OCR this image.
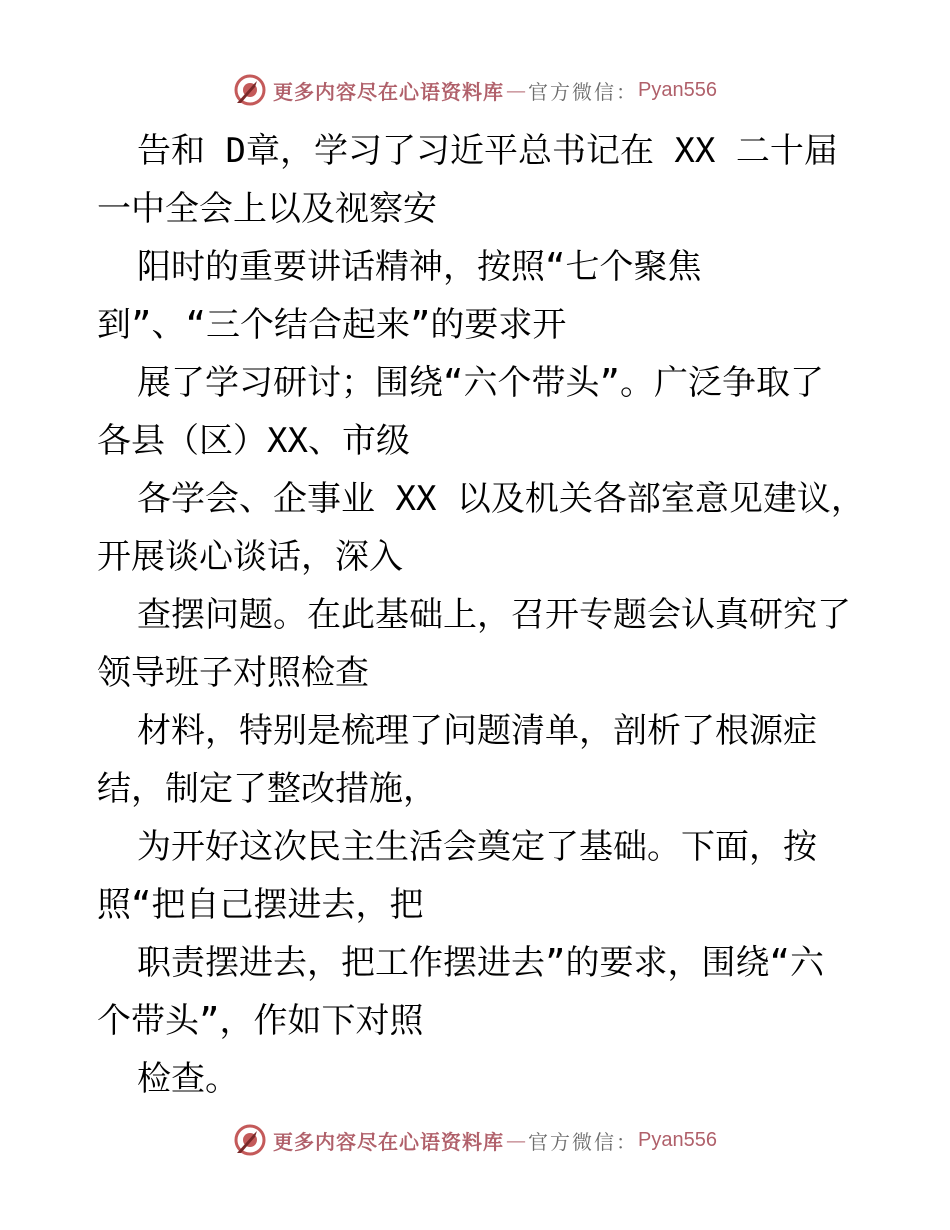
更多内容尽在心语资料库 — 官方微信： Pyan556
告和 D章，学习了习近平总书记在 XX 二十届
一中全会上以及视察安
阳时的重要讲话精神，按照“七个聚焦
到”、“三个结合起来”的要求开
展了学习研讨；围绕“六个带头”。广泛争取了
各县（区）XX、市级
各学会、企事业 XX 以及机关各部室意见建议，
开展谈心谈话，深入
查摆问题。在此基础上，召开专题会认真研究了
领导班子对照检查
材料，特别是梳理了问题清单，剖析了根源症
结，制定了整改措施，
为开好这次民主生活会奠定了基础。下面，按
照“把自己摆进去，把
职责摆进去，把工作摆进去”的要求，围绕“六
个带头”，作如下对照
检查。
更多内容尽在心语资料库 — 官方微信： Pyan556
